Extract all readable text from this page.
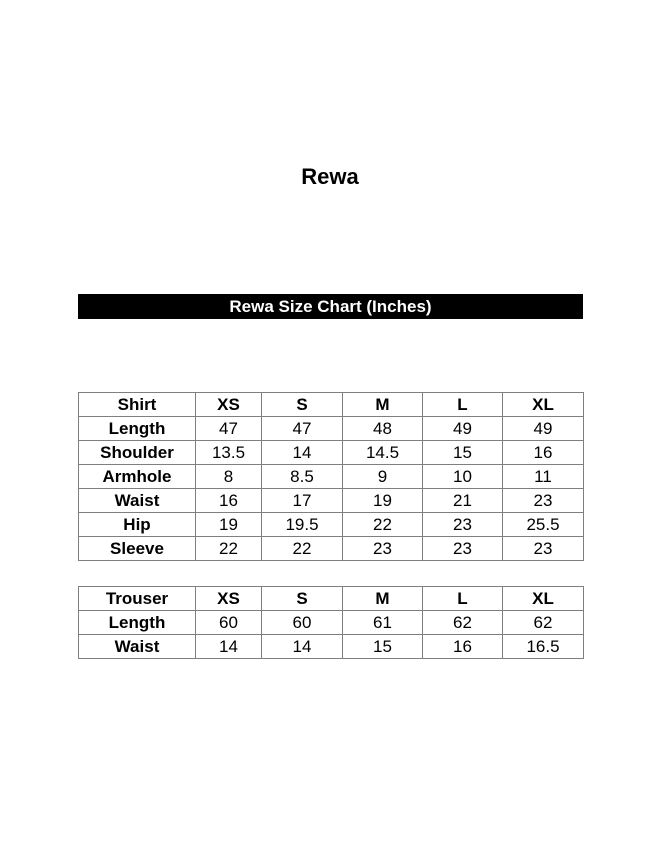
Rewa
Rewa Size Chart (Inches)
Shirt	XS	S	M	L	XL
Length	47	47	48	49	49
Shoulder	13.5	14	14.5	15	16
Armhole	8	8.5	9	10	11
Waist	16	17	19	21	23
Hip	19	19.5	22	23	25.5
Sleeve	22	22	23	23	23
Trouser	XS	S	M	L	XL
Length	60	60	61	62	62
Waist	14	14	15	16	16.5
